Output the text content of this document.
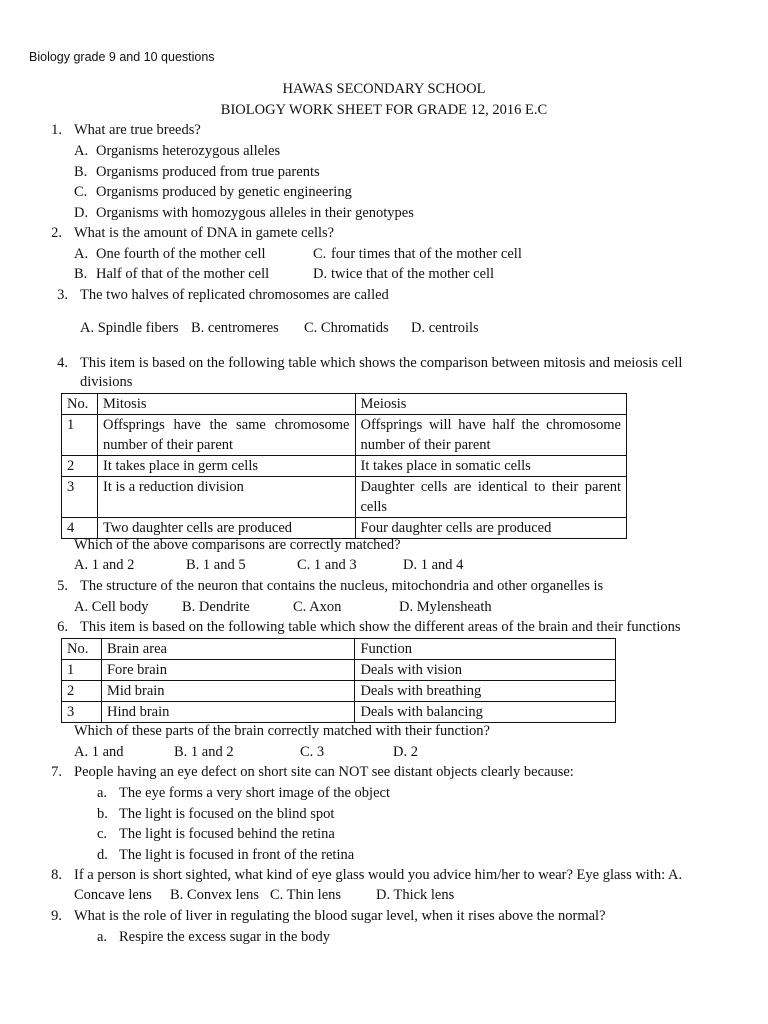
Biology grade 9 and 10 questions
HAWAS SECONDARY SCHOOL
BIOLOGY WORK SHEET FOR GRADE 12, 2016 E.C
1. What are true breeds?
A. Organisms heterozygous alleles
B. Organisms produced from true parents
C. Organisms produced by genetic engineering
D. Organisms with homozygous alleles in their genotypes
2. What is the amount of DNA in gamete cells?
A. One fourth of the mother cell	C. four times that of the mother cell
B. Half of that of the mother cell	D. twice that of the mother cell
3. The two halves of replicated chromosomes are called
A. Spindle fibers B. centromeres C. Chromatids D. centroils
4. This item is based on the following table which shows the comparison between mitosis and meiosis cell
divisions
No.	Mitosis	Meiosis
1	Offsprings have the same chromosome number of their parent	Offsprings will have half the chromosome number of their parent
2	It takes place in germ cells	It takes place in somatic cells
3	It is a reduction division	Daughter cells are identical to their parent cells
4	Two daughter cells are produced	Four daughter cells are produced
Which of the above comparisons are correctly matched?
A. 1 and 2	B. 1 and 5	C. 1 and 3	D. 1 and 4
5. The structure of the neuron that contains the nucleus, mitochondria and other organelles is
A. Cell body B. Dendrite	C. Axon	D. Mylensheath
6. This item is based on the following table which show the different areas of the brain and their functions
No.	Brain area	Function
1	Fore brain	Deals with vision
2	Mid brain	Deals with breathing
3	Hind brain	Deals with balancing
Which of these parts of the brain correctly matched with their function?
A. 1 and	B. 1 and 2	C. 3	D. 2
7. People having an eye defect on short site can NOT see distant objects clearly because:
a. The eye forms a very short image of the object
b. The light is focused on the blind spot
c. The light is focused behind the retina
d. The light is focused in front of the retina
8. If a person is short sighted, what kind of eye glass would you advice him/her to wear? Eye glass with: A.
Concave lens B. Convex lens C. Thin lens D. Thick lens
9. What is the role of liver in regulating the blood sugar level, when it rises above the normal?
a. Respire the excess sugar in the body
